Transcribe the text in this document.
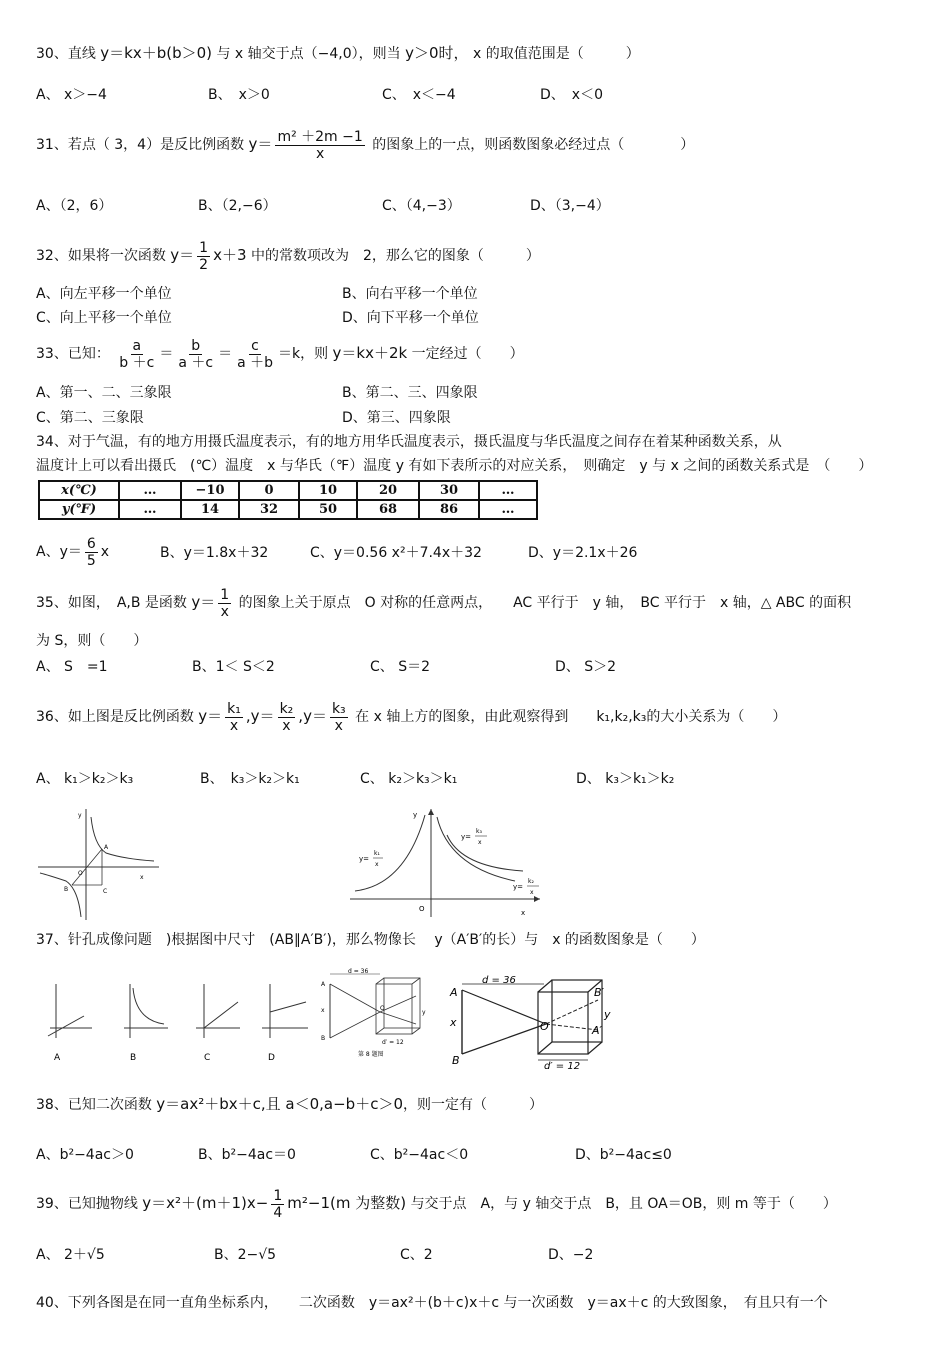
30、直线 y＝kx＋b(b＞0) 与 x 轴交于点（−4,0），则当 y＞0时， x 的取值范围是（　　　）
A、 x＞−4	B、　x＞0	C、　x＜−4	D、　x＜0
31、若点（ 3，4）是反比例函数 $y= \frac{\text{m² ＋2m −1}}{x}$ 的图象上的一点，则函数图象必经过点（　　　　）
A、（2，6）	B、（2,−6）	C、（4,−3）	D、（3,−4）
32、如果将一次函数 $y= \frac{1}{2} x+3$ 中的常数项改为　2，那么它的图象（　　　）
A、向左平移一个单位	B、向右平移一个单位
C、向上平移一个单位	D、向下平移一个单位
33、已知： $\frac{a}{b +c} = \frac{b}{a +c} = \frac{c}{a +b} =k$，则 y＝kx＋2k 一定经过（　　）
A、第一、二、三象限	B、第二、三、四象限
C、第二、三象限	D、第三、四象限
34、对于气温，有的地方用摄氏温度表示，有的地方用华氏温度表示，摄氏温度与华氏温度之间存在着某种函数关系，从
温度计上可以看出摄氏　(℃）温度　x 与华氏（℉）温度 y 有如下表所示的对应关系，　则确定　y 与 x 之间的函数关系式是　（　　）
x(℃)	…	−10	0	10	20	30	…
y(℉)	…	14	32	50	68	86	…
A、$y= \frac{6}{5}$ x	B、y＝1.8x＋32	C、y＝0.56 x²＋7.4x＋32	D、y＝2.1x＋26
35、如图，　A,B 是函数 $y= \frac{1}{x}$ 的图象上关于原点　O 对称的任意两点，　　AC 平行于　y 轴，　BC 平行于　x 轴，△ ABC 的面积
为 S，则（　　）
A、 S　=1	B、1＜ S＜2	C、 S＝2	D、 S＞2
36、如上图是反比例函数 $y= \frac{\text{k₁}}{x} ,y= \frac{\text{k₂}}{x} ,y= \frac{\text{k₃}}{x}$ 在 x 轴上方的图象，由此观察得到　　k₁,k₂,k₃的大小关系为（　　）
A、 k₁＞k₂＞k₃	B、　k₃＞k₂＞k₁	C、 k₂＞k₃＞k₁	D、 k₃＞k₁＞k₂
y
A
O
B	C
x
y
y=
k₁
x
y=
k₃
x
y=
k₂
x
O	x
37、针孔成像问题　)根据图中尺寸　(AB∥A′B′)，那么物像长　 y（A′B′的长）与　x 的函数图象是（　　）
A	B	C	D
d = 36
A
x
B
O
y
d′ = 12
第 8 题图
A
d = 36
B′
x	O
y
A′
B	d′ = 12
38、已知二次函数 y＝ax²＋bx＋c,且 a＜0,a−b＋c＞0，则一定有（　　　）
A、b²−4ac＞0	B、b²−4ac＝0	C、b²−4ac＜0	D、b²−4ac≤0
39、已知抛物线 $y=x^2+(m+1)x- \frac{1}{4} m^2-1(m$ 为整数) 与交于点　A，与 y 轴交于点　B，且 OA＝OB，则 m 等于（　　）
A、 2＋√5	B、2−√5	C、2	D、−2
40、下列各图是在同一直角坐标系内，　　二次函数　y＝ax²＋(b＋c)x＋c 与一次函数　y＝ax＋c 的大致图象，　有且只有一个
